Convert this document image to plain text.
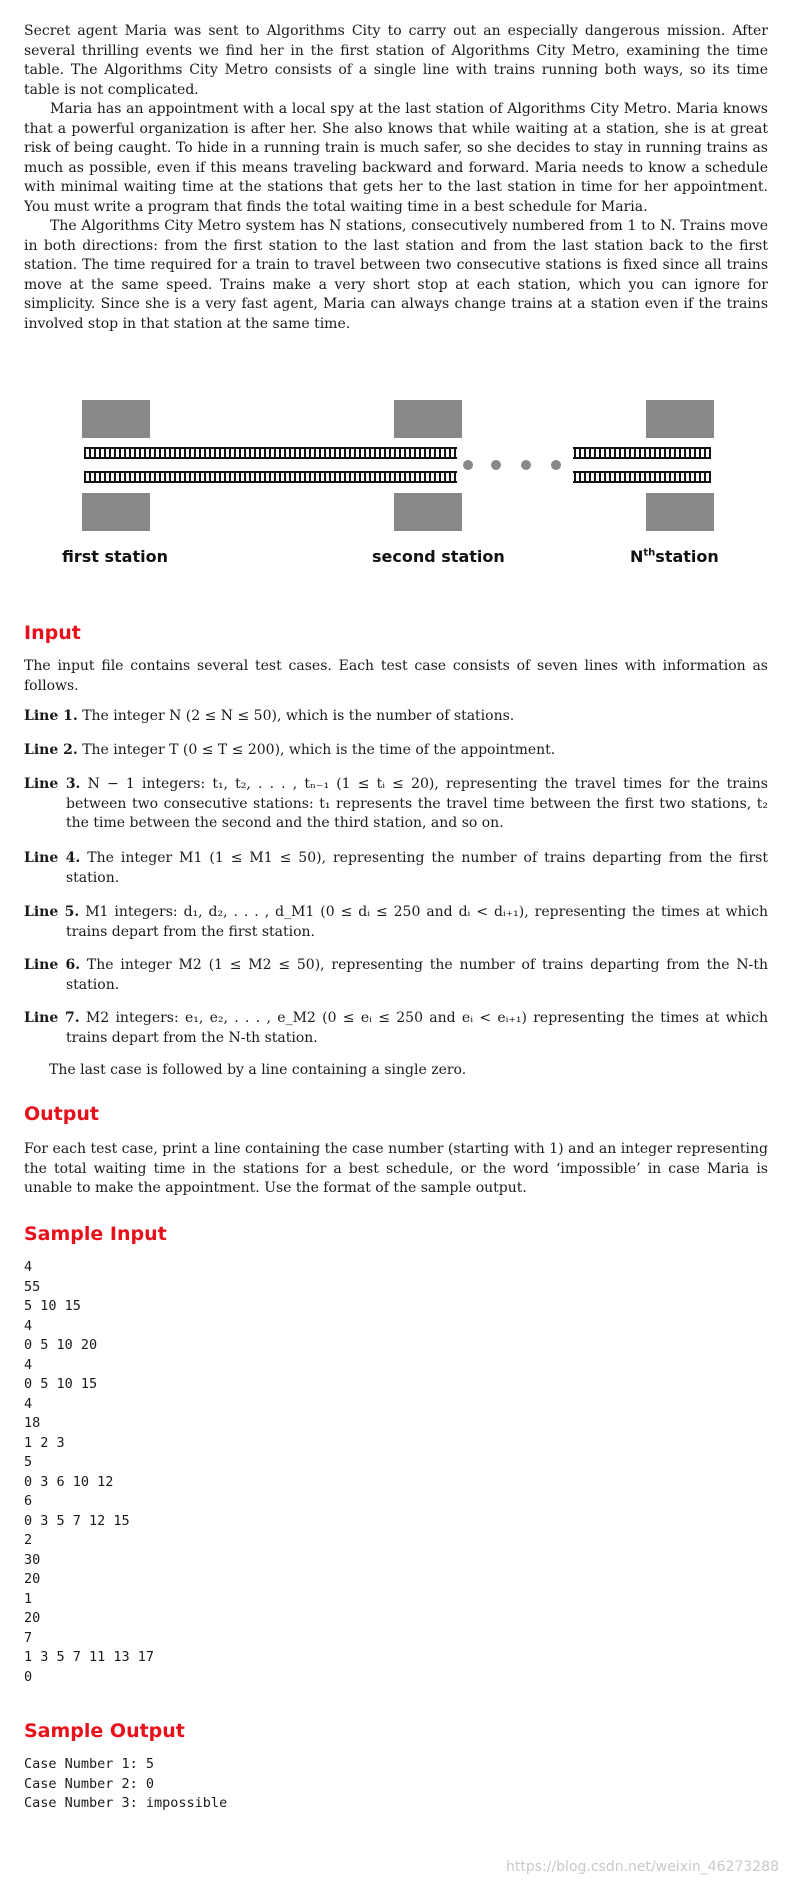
Secret agent Maria was sent to Algorithms City to carry out an especially dangerous mission. After several thrilling events we find her in the first station of Algorithms City Metro, examining the time table. The Algorithms City Metro consists of a single line with trains running both ways, so its time table is not complicated.

Maria has an appointment with a local spy at the last station of Algorithms City Metro. Maria knows that a powerful organization is after her. She also knows that while waiting at a station, she is at great risk of being caught. To hide in a running train is much safer, so she decides to stay in running trains as much as possible, even if this means traveling backward and forward. Maria needs to know a schedule with minimal waiting time at the stations that gets her to the last station in time for her appointment. You must write a program that finds the total waiting time in a best schedule for Maria.

The Algorithms City Metro system has N stations, consecutively numbered from 1 to N. Trains move in both directions: from the first station to the last station and from the last station back to the first station. The time required for a train to travel between two consecutive stations is fixed since all trains move at the same speed. Trains make a very short stop at each station, which you can ignore for simplicity. Since she is a very fast agent, Maria can always change trains at a station even if the trains involved stop in that station at the same time.

first station	second station	$N^{th}station$
Input

The input file contains several test cases. Each test case consists of seven lines with information as follows.

Line 1. The integer N (2 ≤ N ≤ 50), which is the number of stations.
Line 2. The integer T (0 ≤ T ≤ 200), which is the time of the appointment.
Line 3. N − 1 integers: t₁, t₂, . . . , tₙ₋₁ (1 ≤ tᵢ ≤ 20), representing the travel times for the trains between two consecutive stations: t₁ represents the travel time between the first two stations, t₂ the time between the second and the third station, and so on.
Line 4. The integer M1 (1 ≤ M1 ≤ 50), representing the number of trains departing from the first station.
Line 5. M1 integers: d₁, d₂, . . . , d_M1 (0 ≤ dᵢ ≤ 250 and dᵢ < dᵢ₊₁), representing the times at which trains depart from the first station.
Line 6. The integer M2 (1 ≤ M2 ≤ 50), representing the number of trains departing from the N-th station.
Line 7. M2 integers: e₁, e₂, . . . , e_M2 (0 ≤ eᵢ ≤ 250 and eᵢ < eᵢ₊₁) representing the times at which trains depart from the N-th station.

The last case is followed by a line containing a single zero.

Output

For each test case, print a line containing the case number (starting with 1) and an integer representing the total waiting time in the stations for a best schedule, or the word ‘impossible’ in case Maria is unable to make the appointment. Use the format of the sample output.

Sample Input
4
55
5 10 15
4
0 5 10 20
4
0 5 10 15
4
18
1 2 3
5
0 3 6 10 12
6
0 3 5 7 12 15
2
30
20
1
20
7
1 3 5 7 11 13 17
0
Sample Output
Case Number 1: 5
Case Number 2: 0
Case Number 3: impossible
https://blog.csdn.net/weixin_46273288
